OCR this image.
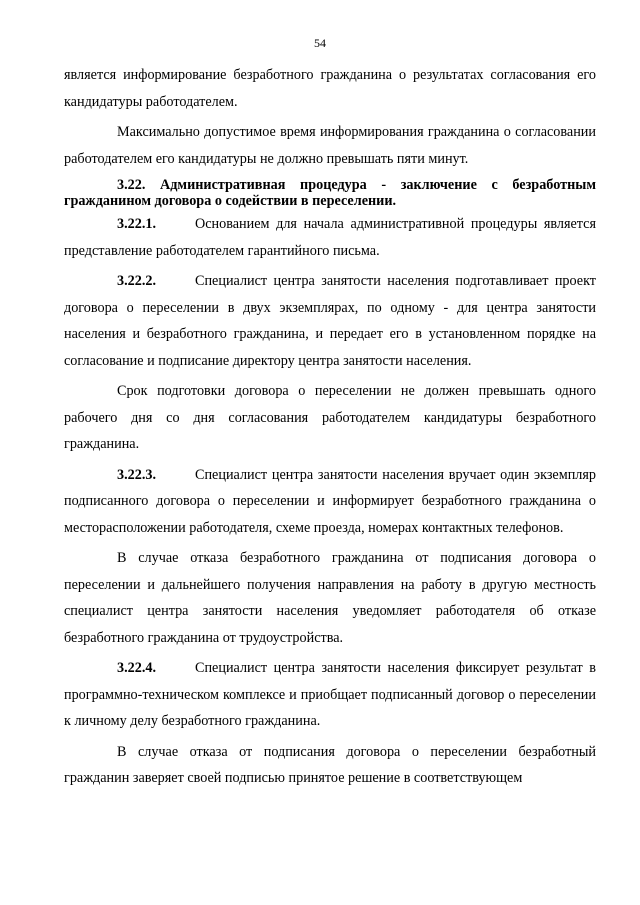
54

является информирование безработного гражданина о результатах согласования его кандидатуры работодателем.

Максимально допустимое время информирования гражданина о согласовании работодателем его кандидатуры не должно превышать пяти минут.

3.22. Административная процедура - заключение с безработным гражданином договора о содействии в переселении.

3.22.1.	Основанием для начала административной процедуры является представление работодателем гарантийного письма.

3.22.2.	Специалист центра занятости населения подготавливает проект договора о переселении в двух экземплярах, по одному - для центра занятости населения и безработного гражданина, и передает его в установленном порядке на согласование и подписание директору центра занятости населения.

Срок подготовки договора о переселении не должен превышать одного рабочего дня со дня согласования работодателем кандидатуры безработного гражданина.

3.22.3.	Специалист центра занятости населения вручает один экземпляр подписанного договора о переселении и информирует безработного гражданина о месторасположении работодателя, схеме проезда, номерах контактных телефонов.

В случае отказа безработного гражданина от подписания договора о переселении и дальнейшего получения направления на работу в другую местность специалист центра занятости населения уведомляет работодателя об отказе безработного гражданина от трудоустройства.

3.22.4.	Специалист центра занятости населения фиксирует результат в программно-техническом комплексе и приобщает подписанный договор о переселении к личному делу безработного гражданина.

В случае отказа от подписания договора о переселении безработный гражданин заверяет своей подписью принятое решение в соответствующем
